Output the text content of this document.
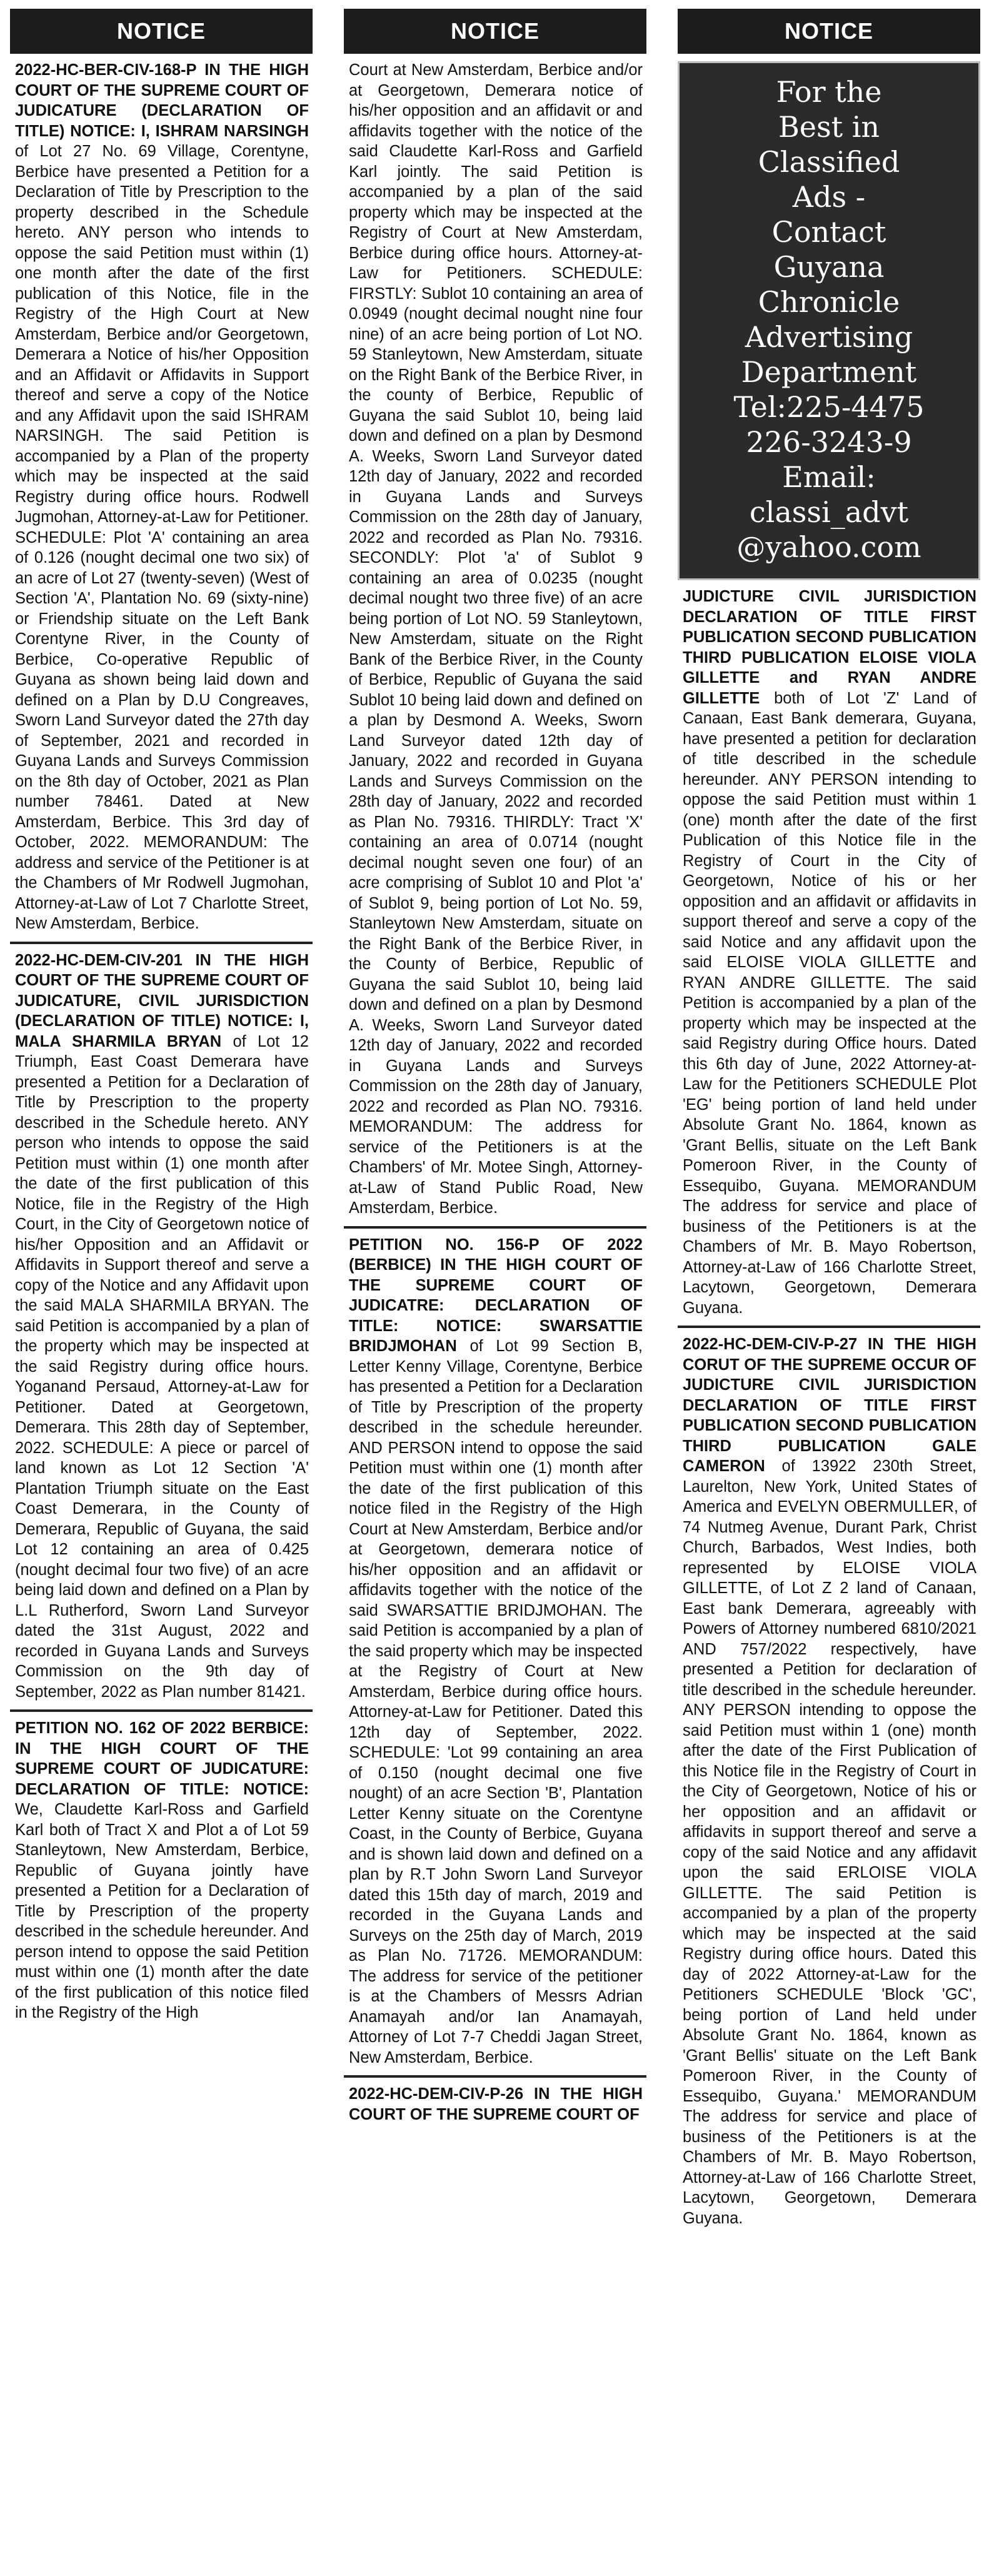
NOTICE
2022-HC-BER-CIV-168-P IN THE HIGH COURT OF THE SUPREME COURT OF JUDICATURE (DECLARATION OF TITLE) NOTICE: I, ISHRAM NARSINGH of Lot 27 No. 69 Village, Corentyne, Berbice have presented a Petition for a Declaration of Title by Prescription to the property described in the Schedule hereto. ANY person who intends to oppose the said Petition must within (1) one month after the date of the first publication of this Notice, file in the Registry of the High Court at New Amsterdam, Berbice and/or Georgetown, Demerara a Notice of his/her Opposition and an Affidavit or Affidavits in Support thereof and serve a copy of the Notice and any Affidavit upon the said ISHRAM NARSINGH. The said Petition is accompanied by a Plan of the property which may be inspected at the said Registry during office hours. Rodwell Jugmohan, Attorney-at-Law for Petitioner. SCHEDULE: Plot 'A' containing an area of 0.126 (nought decimal one two six) of an acre of Lot 27 (twenty-seven) (West of Section 'A', Plantation No. 69 (sixty-nine) or Friendship situate on the Left Bank Corentyne River, in the County of Berbice, Co-operative Republic of Guyana as shown being laid down and defined on a Plan by D.U Congreaves, Sworn Land Surveyor dated the 27th day of September, 2021 and recorded in Guyana Lands and Surveys Commission on the 8th day of October, 2021 as Plan number 78461. Dated at New Amsterdam, Berbice. This 3rd day of October, 2022. MEMORANDUM: The address and service of the Petitioner is at the Chambers of Mr Rodwell Jugmohan, Attorney-at-Law of Lot 7 Charlotte Street, New Amsterdam, Berbice.
2022-HC-DEM-CIV-201 IN THE HIGH COURT OF THE SUPREME COURT OF JUDICATURE, CIVIL JURISDICTION (DECLARATION OF TITLE) NOTICE: I, MALA SHARMILA BRYAN of Lot 12 Triumph, East Coast Demerara have presented a Petition for a Declaration of Title by Prescription to the property described in the Schedule hereto. ANY person who intends to oppose the said Petition must within (1) one month after the date of the first publication of this Notice, file in the Registry of the High Court, in the City of Georgetown notice of his/her Opposition and an Affidavit or Affidavits in Support thereof and serve a copy of the Notice and any Affidavit upon the said MALA SHARMILA BRYAN. The said Petition is accompanied by a plan of the property which may be inspected at the said Registry during office hours. Yoganand Persaud, Attorney-at-Law for Petitioner. Dated at Georgetown, Demerara. This 28th day of September, 2022. SCHEDULE: A piece or parcel of land known as Lot 12 Section 'A' Plantation Triumph situate on the East Coast Demerara, in the County of Demerara, Republic of Guyana, the said Lot 12 containing an area of 0.425 (nought decimal four two five) of an acre being laid down and defined on a Plan by L.L Rutherford, Sworn Land Surveyor dated the 31st August, 2022 and recorded in Guyana Lands and Surveys Commission on the 9th day of September, 2022 as Plan number 81421.
PETITION NO. 162 OF 2022 BERBICE: IN THE HIGH COURT OF THE SUPREME COURT OF JUDICATURE: DECLARATION OF TITLE: NOTICE: We, Claudette Karl-Ross and Garfield Karl both of Tract X and Plot a of Lot 59 Stanleytown, New Amsterdam, Berbice, Republic of Guyana jointly have presented a Petition for a Declaration of Title by Prescription of the property described in the schedule hereunder. And person intend to oppose the said Petition must within one (1) month after the date of the first publication of this notice filed in the Registry of the High
NOTICE
Court at New Amsterdam, Berbice and/or at Georgetown, Demerara notice of his/her opposition and an affidavit or and affidavits together with the notice of the said Claudette Karl-Ross and Garfield Karl jointly. The said Petition is accompanied by a plan of the said property which may be inspected at the Registry of Court at New Amsterdam, Berbice during office hours. Attorney-at-Law for Petitioners. SCHEDULE: FIRSTLY: Sublot 10 containing an area of 0.0949 (nought decimal nought nine four nine) of an acre being portion of Lot NO. 59 Stanleytown, New Amsterdam, situate on the Right Bank of the Berbice River, in the county of Berbice, Republic of Guyana the said Sublot 10, being laid down and defined on a plan by Desmond A. Weeks, Sworn Land Surveyor dated 12th day of January, 2022 and recorded in Guyana Lands and Surveys Commission on the 28th day of January, 2022 and recorded as Plan No. 79316. SECONDLY: Plot 'a' of Sublot 9 containing an area of 0.0235 (nought decimal nought two three five) of an acre being portion of Lot NO. 59 Stanleytown, New Amsterdam, situate on the Right Bank of the Berbice River, in the County of Berbice, Republic of Guyana the said Sublot 10 being laid down and defined on a plan by Desmond A. Weeks, Sworn Land Surveyor dated 12th day of January, 2022 and recorded in Guyana Lands and Surveys Commission on the 28th day of January, 2022 and recorded as Plan No. 79316. THIRDLY: Tract 'X' containing an area of 0.0714 (nought decimal nought seven one four) of an acre comprising of Sublot 10 and Plot 'a' of Sublot 9, being portion of Lot No. 59, Stanleytown New Amsterdam, situate on the Right Bank of the Berbice River, in the County of Berbice, Republic of Guyana the said Sublot 10, being laid down and defined on a plan by Desmond A. Weeks, Sworn Land Surveyor dated 12th day of January, 2022 and recorded in Guyana Lands and Surveys Commission on the 28th day of January, 2022 and recorded as Plan NO. 79316. MEMORANDUM: The address for service of the Petitioners is at the Chambers' of Mr. Motee Singh, Attorney-at-Law of Stand Public Road, New Amsterdam, Berbice.
PETITION NO. 156-P OF 2022 (BERBICE) IN THE HIGH COURT OF THE SUPREME COURT OF JUDICATRE: DECLARATION OF TITLE: NOTICE: SWARSATTIE BRIDJMOHAN of Lot 99 Section B, Letter Kenny Village, Corentyne, Berbice has presented a Petition for a Declaration of Title by Prescription of the property described in the schedule hereunder. AND PERSON intend to oppose the said Petition must within one (1) month after the date of the first publication of this notice filed in the Registry of the High Court at New Amsterdam, Berbice and/or at Georgetown, demerara notice of his/her opposition and an affidavit or affidavits together with the notice of the said SWARSATTIE BRIDJMOHAN. The said Petition is accompanied by a plan of the said property which may be inspected at the Registry of Court at New Amsterdam, Berbice during office hours. Attorney-at-Law for Petitioner. Dated this 12th day of September, 2022. SCHEDULE: 'Lot 99 containing an area of 0.150 (nought decimal one five nought) of an acre Section 'B', Plantation Letter Kenny situate on the Corentyne Coast, in the County of Berbice, Guyana and is shown laid down and defined on a plan by R.T John Sworn Land Surveyor dated this 15th day of march, 2019 and recorded in the Guyana Lands and Surveys on the 25th day of March, 2019 as Plan No. 71726. MEMORANDUM: The address for service of the petitioner is at the Chambers of Messrs Adrian Anamayah and/or Ian Anamayah, Attorney of Lot 7-7 Cheddi Jagan Street, New Amsterdam, Berbice.
2022-HC-DEM-CIV-P-26 IN THE HIGH COURT OF THE SUPREME COURT OF
NOTICE
For the
Best in
Classified
Ads -
Contact
Guyana
Chronicle
Advertising
Department
Tel:225-4475
226-3243-9
Email:
classi_advt
@yahoo.com
JUDICTURE CIVIL JURISDICTION DECLARATION OF TITLE FIRST PUBLICATION SECOND PUBLICATION THIRD PUBLICATION ELOISE VIOLA GILLETTE and RYAN ANDRE GILLETTE both of Lot 'Z' Land of Canaan, East Bank demerara, Guyana, have presented a petition for declaration of title described in the schedule hereunder. ANY PERSON intending to oppose the said Petition must within 1 (one) month after the date of the first Publication of this Notice file in the Registry of Court in the City of Georgetown, Notice of his or her opposition and an affidavit or affidavits in support thereof and serve a copy of the said Notice and any affidavit upon the said ELOISE VIOLA GILLETTE and RYAN ANDRE GILLETTE. The said Petition is accompanied by a plan of the property which may be inspected at the said Registry during Office hours. Dated this 6th day of June, 2022 Attorney-at-Law for the Petitioners SCHEDULE Plot 'EG' being portion of land held under Absolute Grant No. 1864, known as 'Grant Bellis, situate on the Left Bank Pomeroon River, in the County of Essequibo, Guyana. MEMORANDUM The address for service and place of business of the Petitioners is at the Chambers of Mr. B. Mayo Robertson, Attorney-at-Law of 166 Charlotte Street, Lacytown, Georgetown, Demerara Guyana.
2022-HC-DEM-CIV-P-27 IN THE HIGH CORUT OF THE SUPREME OCCUR OF JUDICTURE CIVIL JURISDICTION DECLARATION OF TITLE FIRST PUBLICATION SECOND PUBLICATION THIRD PUBLICATION GALE CAMERON of 13922 230th Street, Laurelton, New York, United States of America and EVELYN OBERMULLER, of 74 Nutmeg Avenue, Durant Park, Christ Church, Barbados, West Indies, both represented by ELOISE VIOLA GILLETTE, of Lot Z 2 land of Canaan, East bank Demerara, agreeably with Powers of Attorney numbered 6810/2021 AND 757/2022 respectively, have presented a Petition for declaration of title described in the schedule hereunder. ANY PERSON intending to oppose the said Petition must within 1 (one) month after the date of the First Publication of this Notice file in the Registry of Court in the City of Georgetown, Notice of his or her opposition and an affidavit or affidavits in support thereof and serve a copy of the said Notice and any affidavit upon the said ERLOISE VIOLA GILLETTE. The said Petition is accompanied by a plan of the property which may be inspected at the said Registry during office hours. Dated this day of 2022 Attorney-at-Law for the Petitioners SCHEDULE 'Block 'GC', being portion of Land held under Absolute Grant No. 1864, known as 'Grant Bellis' situate on the Left Bank Pomeroon River, in the County of Essequibo, Guyana.' MEMORANDUM The address for service and place of business of the Petitioners is at the Chambers of Mr. B. Mayo Robertson, Attorney-at-Law of 166 Charlotte Street, Lacytown, Georgetown, Demerara Guyana.
